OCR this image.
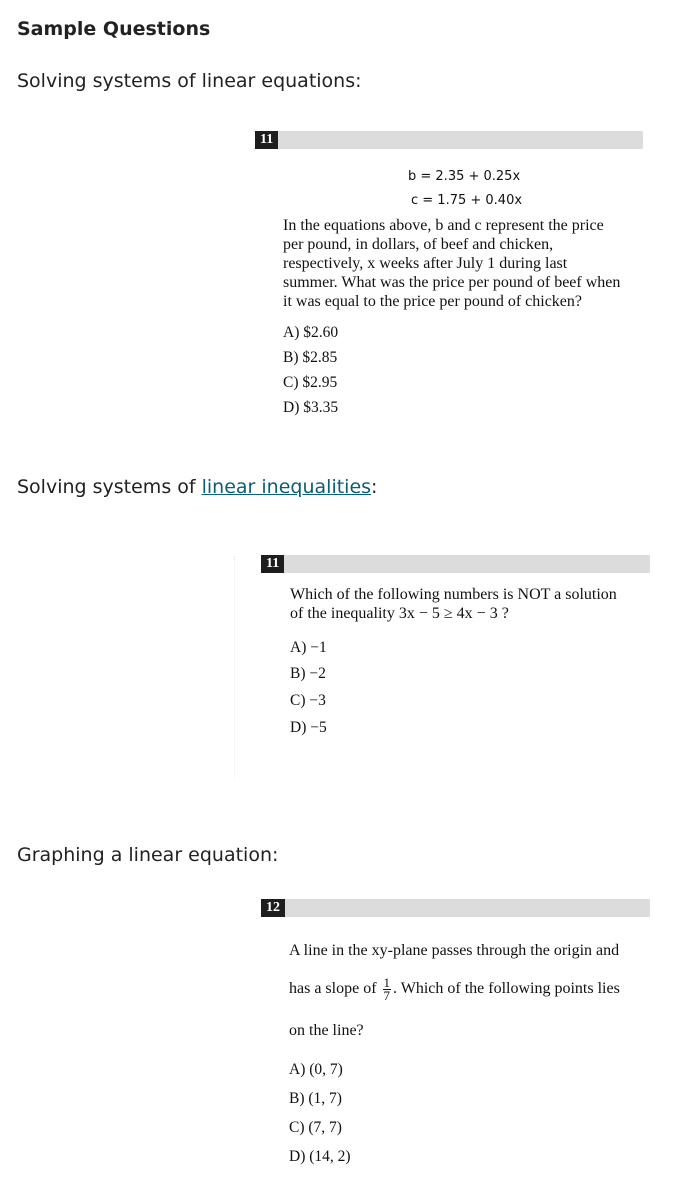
Sample Questions
Solving systems of linear equations:
11
b = 2.35 + 0.25x
c = 1.75 + 0.40x
In the equations above, b and c represent the price
per pound, in dollars, of beef and chicken,
respectively, x weeks after July 1 during last
summer. What was the price per pound of beef when
it was equal to the price per pound of chicken?
A) $2.60
B) $2.85
C) $2.95
D) $3.35
Solving systems of linear inequalities:
11
Which of the following numbers is NOT a solution
of the inequality 3x − 5 ≥ 4x − 3 ?
A) −1
B) −2
C) −3
D) −5
Graphing a linear equation:
12
A line in the xy-plane passes through the origin and
has a slope of $\frac{1}{7}$ . Which of the following points lies
on the line?
A) (0, 7)
B) (1, 7)
C) (7, 7)
D) (14, 2)
